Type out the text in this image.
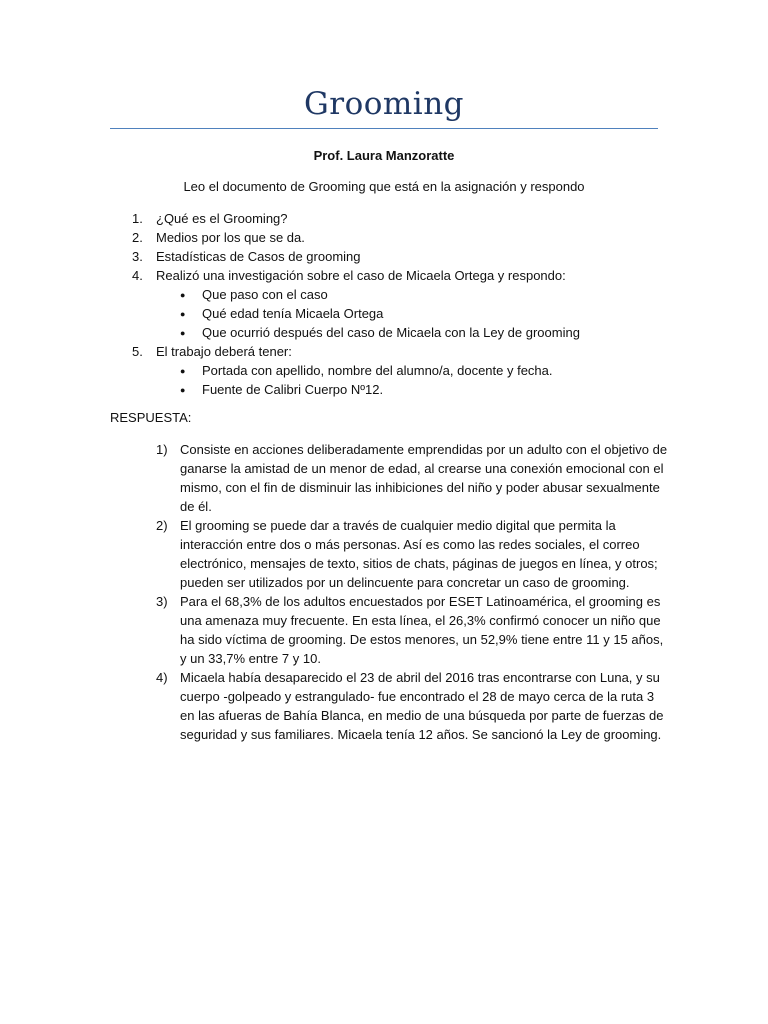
Grooming
Prof. Laura Manzoratte
Leo el documento de Grooming que está en la asignación y respondo
1. ¿Qué es el Grooming?
2. Medios por los que se da.
3. Estadísticas de Casos de grooming
4. Realizó una investigación sobre el caso de Micaela Ortega y respondo:
● Que paso con el caso
● Qué edad tenía Micaela Ortega
● Que ocurrió después del caso de Micaela con la Ley de grooming
5. El trabajo deberá tener:
● Portada con apellido, nombre del alumno/a, docente y fecha.
● Fuente de Calibri Cuerpo Nº12.
RESPUESTA:
1) Consiste en acciones deliberadamente emprendidas por un adulto con el objetivo de ganarse la amistad de un menor de edad, al crearse una conexión emocional con el mismo, con el fin de disminuir las inhibiciones del niño y poder abusar sexualmente de él.
2) El grooming se puede dar a través de cualquier medio digital que permita la interacción entre dos o más personas. Así es como las redes sociales, el correo electrónico, mensajes de texto, sitios de chats, páginas de juegos en línea, y otros; pueden ser utilizados por un delincuente para concretar un caso de grooming.
3) Para el 68,3% de los adultos encuestados por ESET Latinoamérica, el grooming es una amenaza muy frecuente. En esta línea, el 26,3% confirmó conocer un niño que ha sido víctima de grooming. De estos menores, un 52,9% tiene entre 11 y 15 años, y un 33,7% entre 7 y 10.
4) Micaela había desaparecido el 23 de abril del 2016 tras encontrarse con Luna, y su cuerpo -golpeado y estrangulado- fue encontrado el 28 de mayo cerca de la ruta 3 en las afueras de Bahía Blanca, en medio de una búsqueda por parte de fuerzas de seguridad y sus familiares. Micaela tenía 12 años. Se sancionó la Ley de grooming.
